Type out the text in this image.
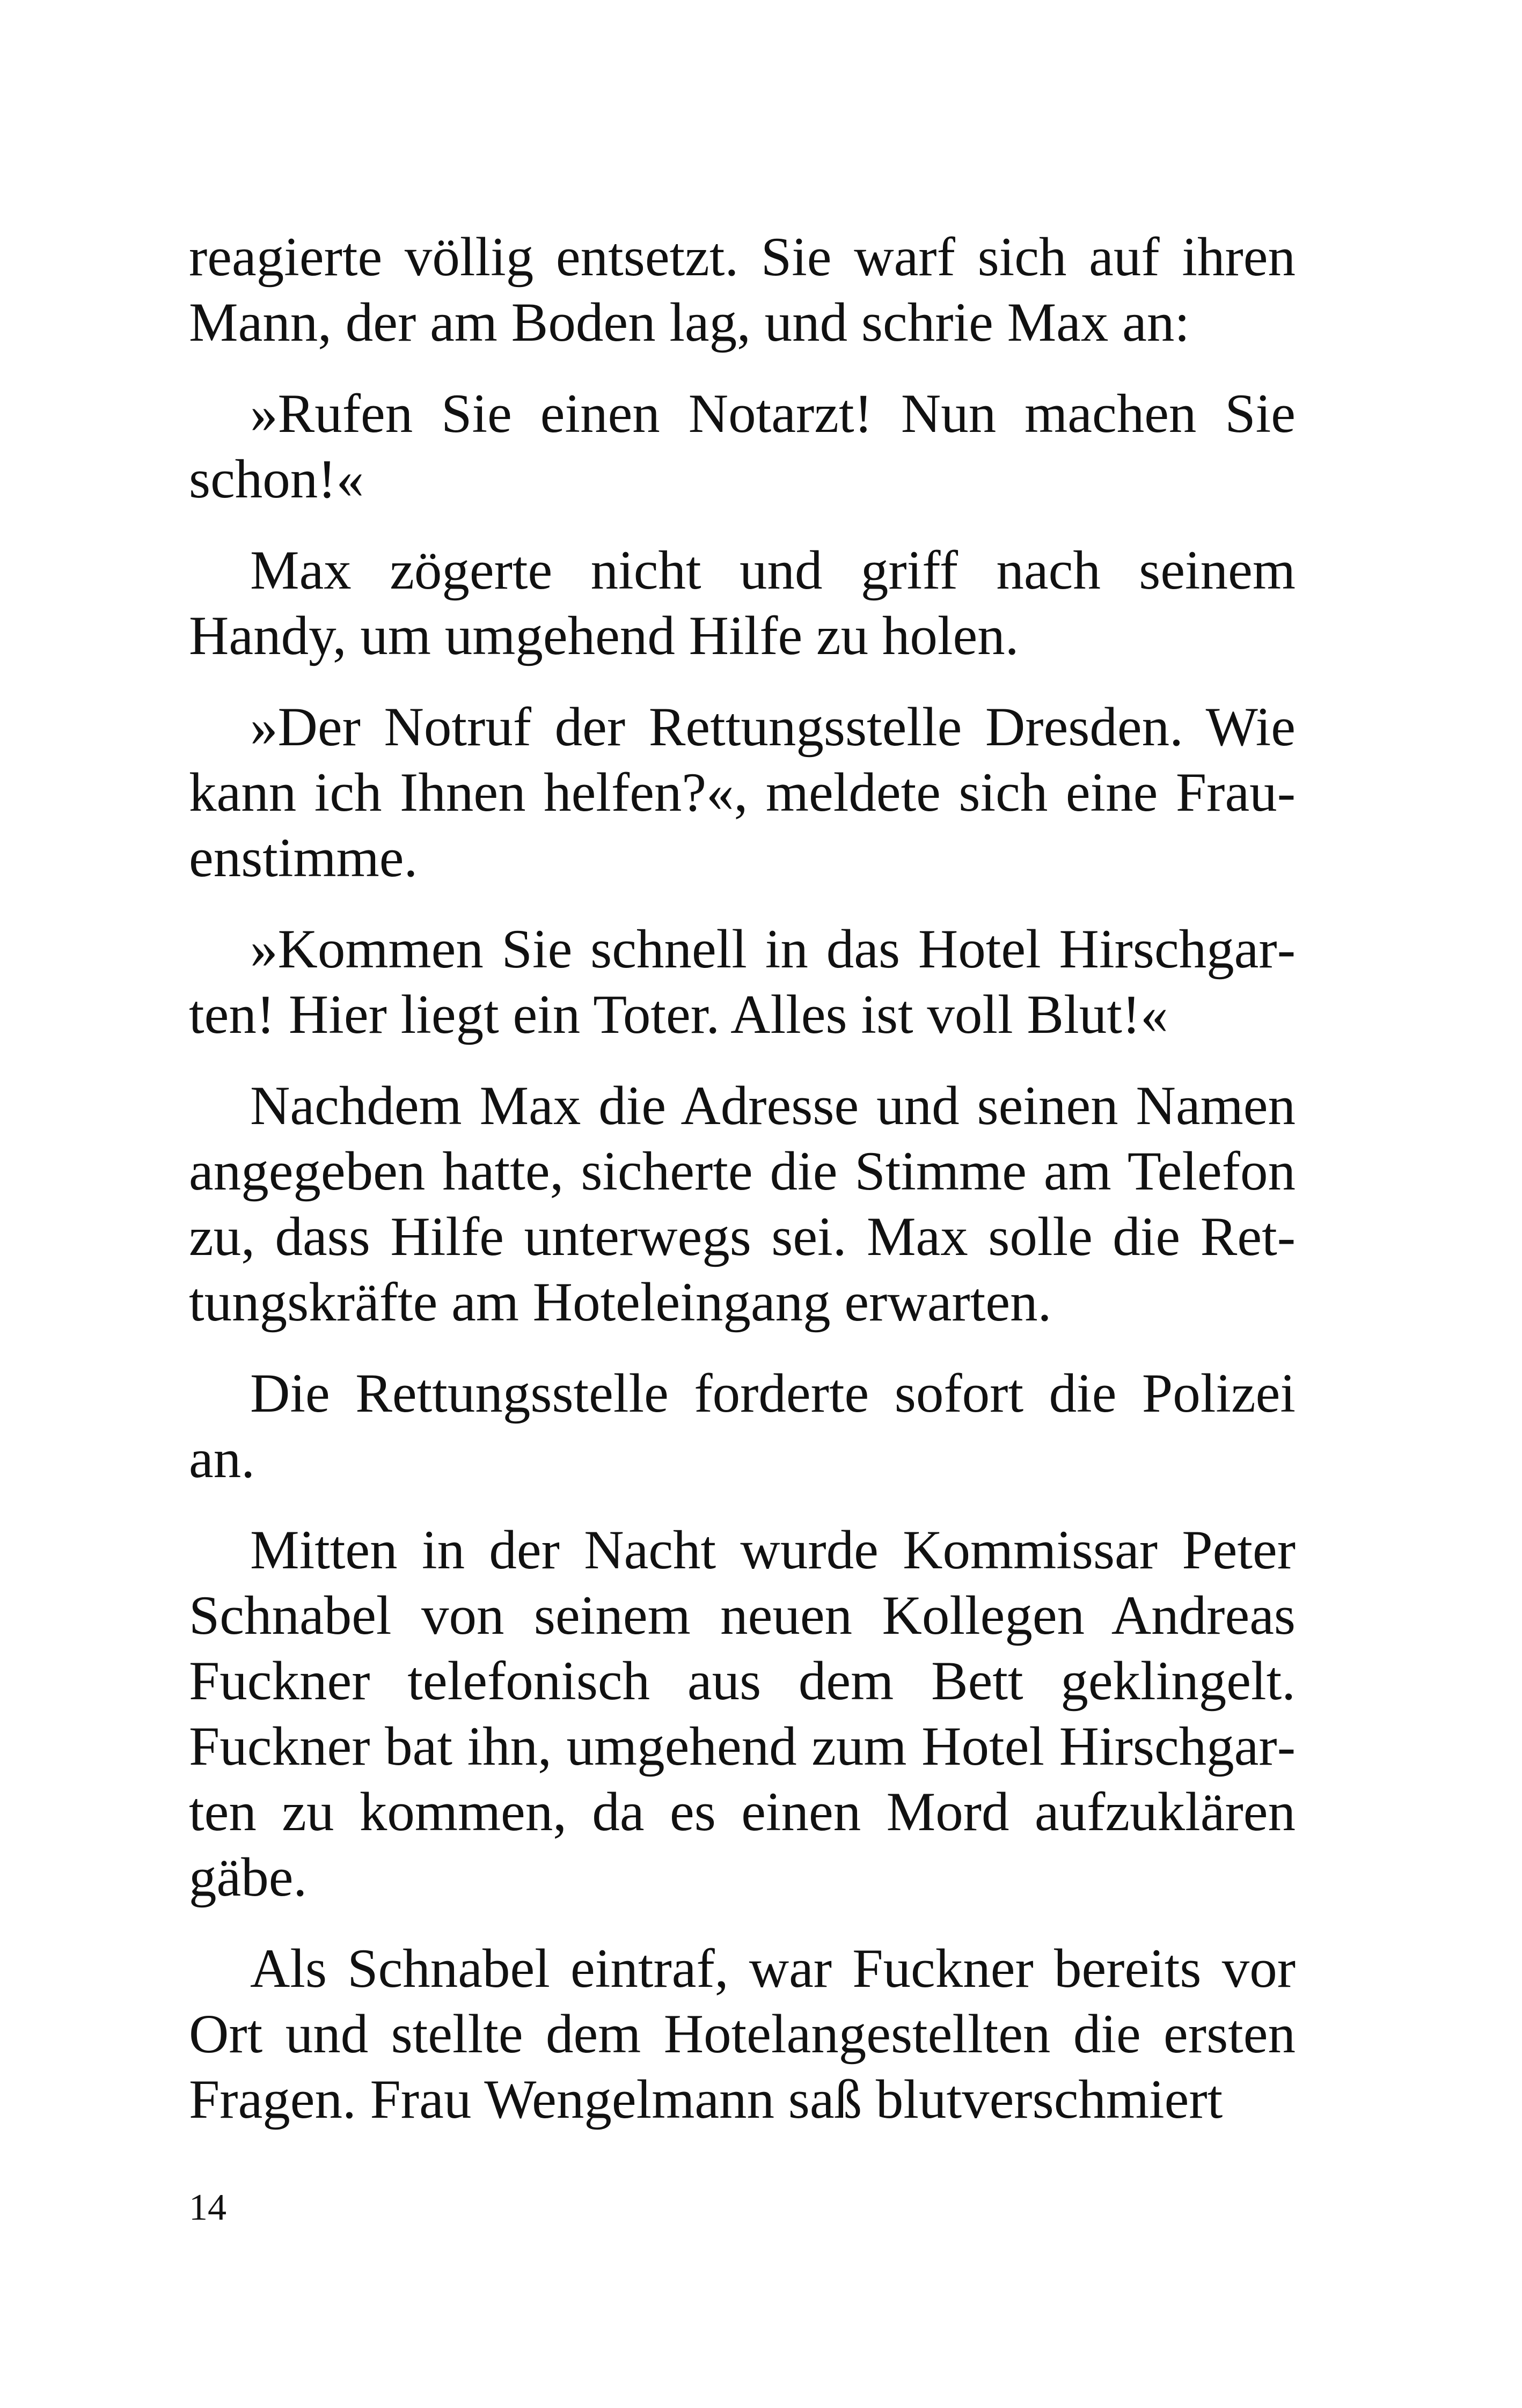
reagierte völlig entsetzt. Sie warf sich auf ihren Mann, der am Boden lag, und schrie Max an:

»Rufen Sie einen Notarzt! Nun machen Sie schon!«

Max zögerte nicht und griff nach seinem Handy, um umgehend Hilfe zu holen.

»Der Notruf der Rettungsstelle Dresden. Wie kann ich Ihnen helfen?«, meldete sich eine Frauenstimme.

»Kommen Sie schnell in das Hotel Hirschgarten! Hier liegt ein Toter. Alles ist voll Blut!«

Nachdem Max die Adresse und seinen Namen angegeben hatte, sicherte die Stimme am Telefon zu, dass Hilfe unterwegs sei. Max solle die Rettungskräfte am Hoteleingang erwarten.

Die Rettungsstelle forderte sofort die Polizei an.

Mitten in der Nacht wurde Kommissar Peter Schnabel von seinem neuen Kollegen Andreas Fuckner telefonisch aus dem Bett geklingelt. Fuckner bat ihn, umgehend zum Hotel Hirschgarten zu kommen, da es einen Mord aufzuklären gäbe.

Als Schnabel eintraf, war Fuckner bereits vor Ort und stellte dem Hotelangestellten die ersten Fragen. Frau Wengelmann saß blutverschmiert

14
